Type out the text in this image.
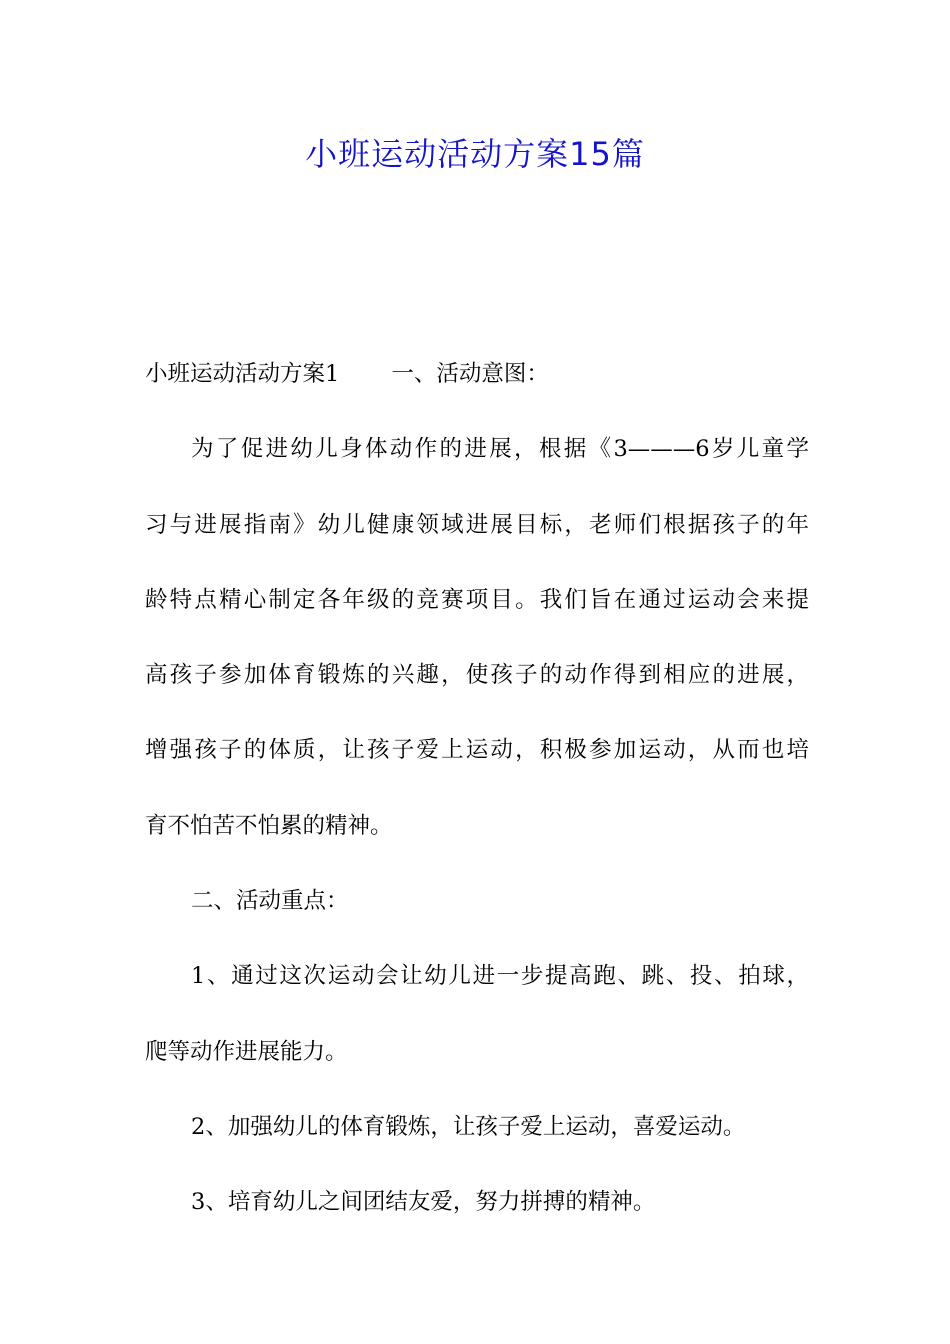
小班运动活动方案15篇
小班运动活动方案1 一、活动意图：
为了促进幼儿身体动作的进展，根据《3———6岁儿童学
习与进展指南》幼儿健康领域进展目标，老师们根据孩子的年
龄特点精心制定各年级的竞赛项目。我们旨在通过运动会来提
高孩子参加体育锻炼的兴趣，使孩子的动作得到相应的进展，
增强孩子的体质，让孩子爱上运动，积极参加运动，从而也培
育不怕苦不怕累的精神。
二、活动重点：
1、通过这次运动会让幼儿进一步提高跑、跳、投、拍球，
爬等动作进展能力。
2、加强幼儿的体育锻炼，让孩子爱上运动，喜爱运动。
3、培育幼儿之间团结友爱，努力拼搏的精神。
